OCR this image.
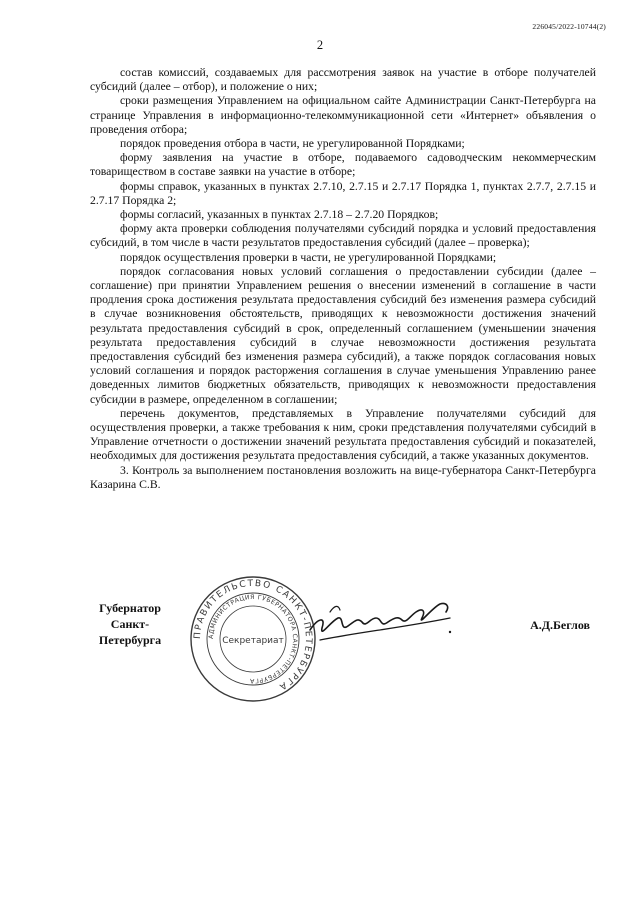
226045/2022-10744(2)
2

состав комиссий, создаваемых для рассмотрения заявок на участие в отборе получателей субсидий (далее – отбор), и положение о них;

сроки размещения Управлением на официальном сайте Администрации Санкт-Петербурга на странице Управления в информационно-телекоммуникационной сети «Интернет» объявления о проведения отбора;

порядок проведения отбора в части, не урегулированной Порядками;

форму заявления на участие в отборе, подаваемого садоводческим некоммерческим товариществом в составе заявки на участие в отборе;

формы справок, указанных в пунктах 2.7.10, 2.7.15 и 2.7.17 Порядка 1, пунктах 2.7.7, 2.7.15 и 2.7.17 Порядка 2;

формы согласий, указанных в пунктах 2.7.18 – 2.7.20 Порядков;

форму акта проверки соблюдения получателями субсидий порядка и условий предоставления субсидий, в том числе в части результатов предоставления субсидий (далее – проверка);

порядок осуществления проверки в части, не урегулированной Порядками;

порядок согласования новых условий соглашения о предоставлении субсидии (далее – соглашение) при принятии Управлением решения о внесении изменений в соглашение в части продления срока достижения результата предоставления субсидий без изменения размера субсидий в случае возникновения обстоятельств, приводящих к невозможности достижения значений результата предоставления субсидий в срок, определенный соглашением (уменьшении значения результата предоставления субсидий в случае невозможности достижения результата предоставления субсидий без изменения размера субсидий), а также порядок согласования новых условий соглашения и порядок расторжения соглашения в случае уменьшения Управлению ранее доведенных лимитов бюджетных обязательств, приводящих к невозможности предоставления субсидии в размере, определенном в соглашении;

перечень документов, представляемых в Управление получателями субсидий для осуществления проверки, а также требования к ним, сроки представления получателями субсидий в Управление отчетности о достижении значений результата предоставления субсидий и показателей, необходимых для достижения результата предоставления субсидий, а также указанных документов.

3. Контроль за выполнением постановления возложить на вице-губернатора Санкт-Петербурга Казарина С.В.

Губернатор
Санкт-Петербурга	ПРАВИТЕЛЬСТВО САНКТ-ПЕТЕРБУРГА
АДМИНИСТРАЦИЯ ГУБЕРНАТОРА САНКТ-ПЕТЕРБУРГА
Секретариат
А.Д.Беглов
